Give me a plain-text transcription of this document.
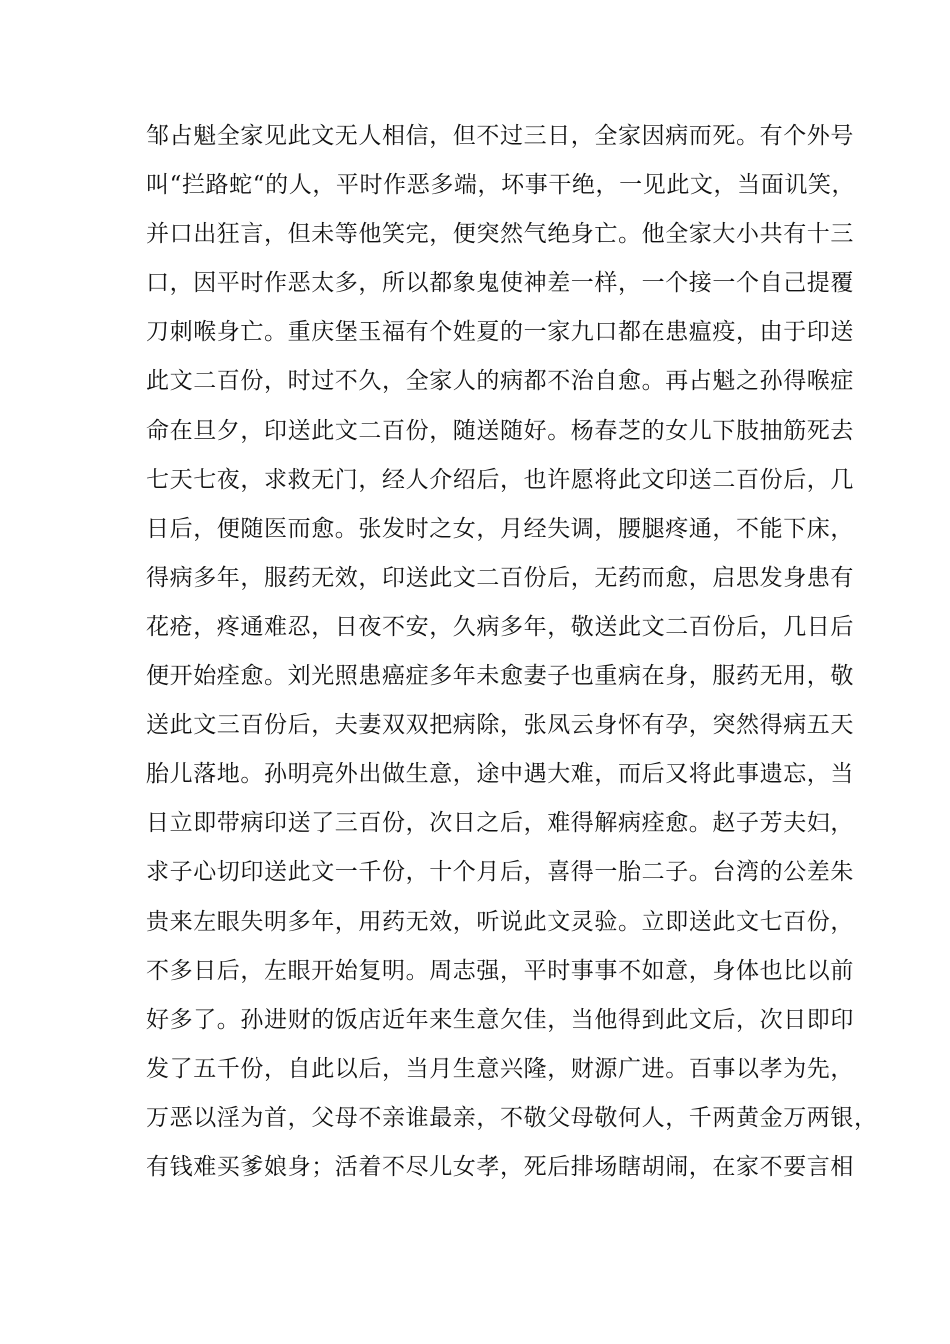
邹占魁全家见此文无人相信，但不过三日，全家因病而死。有个外号
叫“拦路蛇“的人，平时作恶多端，坏事干绝，一见此文，当面讥笑，
并口出狂言，但未等他笑完，便突然气绝身亡。他全家大小共有十三
口，因平时作恶太多，所以都象鬼使神差一样，一个接一个自己提覆
刀刺喉身亡。重庆堡玉福有个姓夏的一家九口都在患瘟疫，由于印送
此文二百份，时过不久，全家人的病都不治自愈。再占魁之孙得喉症
命在旦夕，印送此文二百份，随送随好。杨春芝的女儿下肢抽筋死去
七天七夜，求救无门，经人介绍后，也许愿将此文印送二百份后，几
日后，便随医而愈。张发时之女，月经失调，腰腿疼通，不能下床，
得病多年，服药无效，印送此文二百份后，无药而愈，启思发身患有
花疮，疼通难忍，日夜不安，久病多年，敬送此文二百份后，几日后
便开始痊愈。刘光照患癌症多年未愈妻子也重病在身，服药无用，敬
送此文三百份后，夫妻双双把病除，张凤云身怀有孕，突然得病五天
胎儿落地。孙明亮外出做生意，途中遇大难，而后又将此事遗忘，当
日立即带病印送了三百份，次日之后，难得解病痊愈。赵子芳夫妇，
求子心切印送此文一千份，十个月后，喜得一胎二子。台湾的公差朱
贵来左眼失明多年，用药无效，听说此文灵验。立即送此文七百份，
不多日后，左眼开始复明。周志强，平时事事不如意，身体也比以前
好多了。孙进财的饭店近年来生意欠佳，当他得到此文后，次日即印
发了五千份，自此以后，当月生意兴隆，财源广进。百事以孝为先，
万恶以淫为首，父母不亲谁最亲，不敬父母敬何人，千两黄金万两银，
有钱难买爹娘身；活着不尽儿女孝，死后排场瞎胡闹，在家不要言相
